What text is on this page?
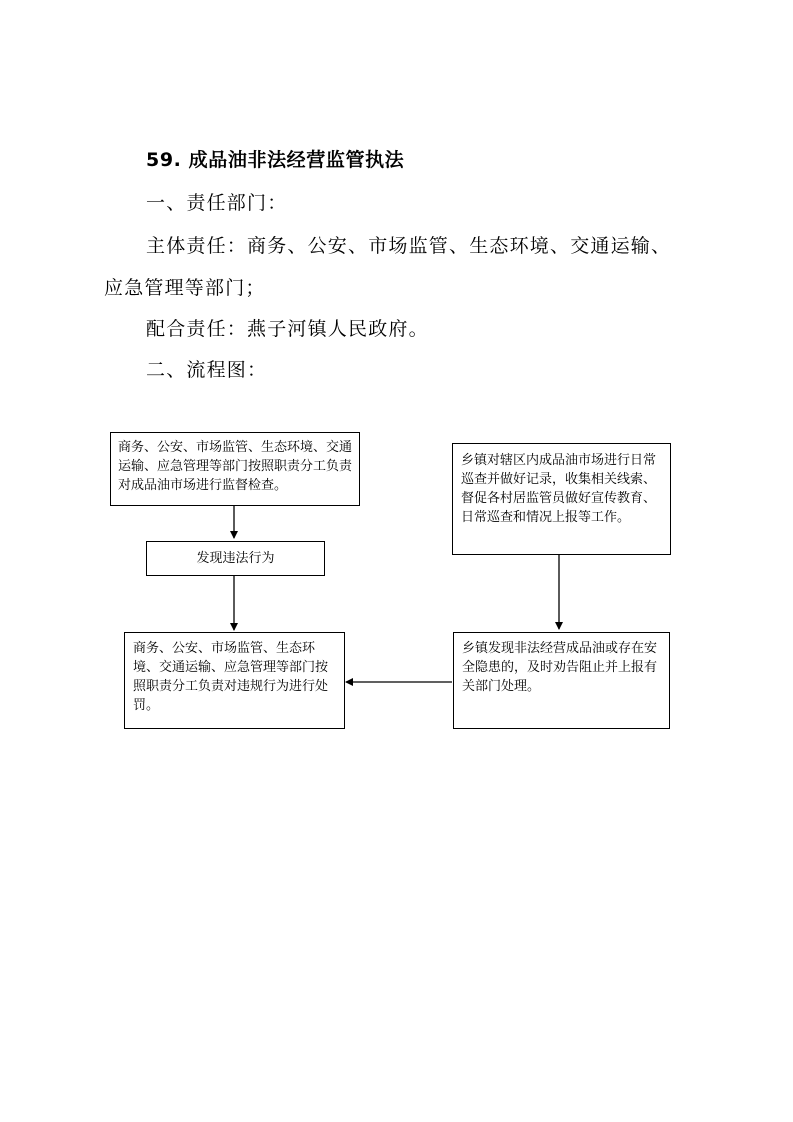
59. 成品油非法经营监管执法
一、责任部门：
主体责任：商务、公安、市场监管、生态环境、交通运输、
应急管理等部门；
配合责任：燕子河镇人民政府。
二、流程图：
商务、公安、市场监管、生态环境、交通运输、应急管理等部门按照职责分工负责对成品油市场进行监督检查。
发现违法行为
商务、公安、市场监管、生态环境、交通运输、应急管理等部门按照职责分工负责对违规行为进行处罚。
乡镇对辖区内成品油市场进行日常巡查并做好记录，收集相关线索、督促各村居监管员做好宣传教育、日常巡查和情况上报等工作。
乡镇发现非法经营成品油或存在安全隐患的，及时劝告阻止并上报有关部门处理。
